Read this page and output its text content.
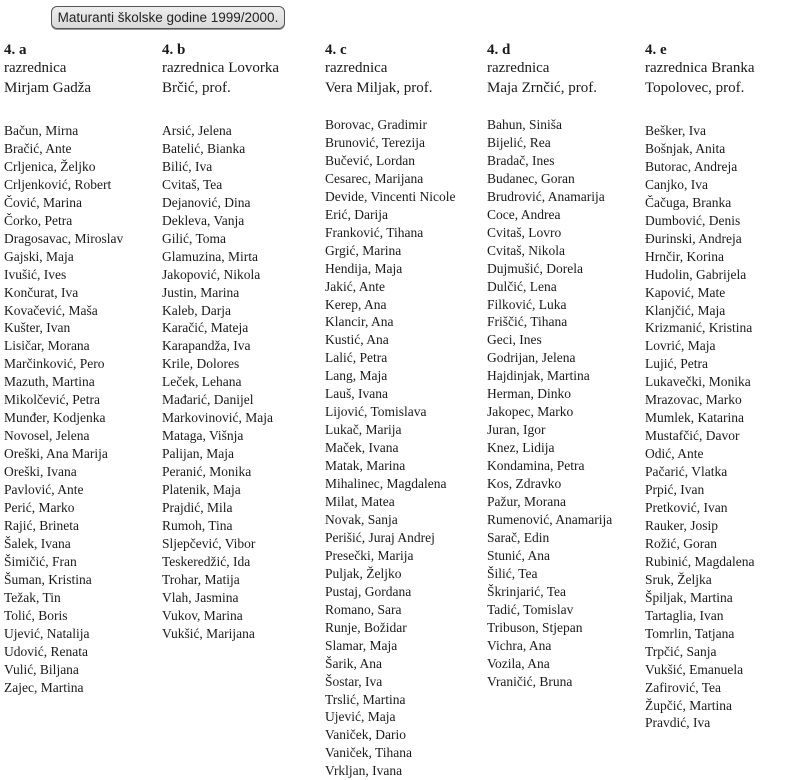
Maturanti školske godine 1999/2000.
4. a
razrednica
Mirjam Gadža
Bačun, Mirna
Bračić, Ante
Crljenica, Željko
Crljenković, Robert
Čović, Marina
Čorko, Petra
Dragosavac, Miroslav
Gajski, Maja
Ivušić, Ives
Končurat, Iva
Kovačević, Maša
Kušter, Ivan
Lisičar, Morana
Marčinković, Pero
Mazuth, Martina
Mikolčević, Petra
Munđer, Kodjenka
Novosel, Jelena
Oreški, Ana Marija
Oreški, Ivana
Pavlović, Ante
Perić, Marko
Rajić, Brineta
Šalek, Ivana
Šimičić, Fran
Šuman, Kristina
Težak, Tin
Tolić, Boris
Ujević, Natalija
Udović, Renata
Vulić, Biljana
Zajec, Martina
4. b
razrednica Lovorka
Brčić, prof.
Arsić, Jelena
Batelić, Bianka
Bilić, Iva
Cvitaš, Tea
Dejanović, Dina
Dekleva, Vanja
Gilić, Toma
Glamuzina, Mirta
Jakopović, Nikola
Justin, Marina
Kaleb, Darja
Karačić, Mateja
Karapandža, Iva
Krile, Dolores
Leček, Lehana
Mađarić, Danijel
Markovinović, Maja
Mataga, Višnja
Palijan, Maja
Peranić, Monika
Platenik, Maja
Prajdić, Mila
Rumoh, Tina
Sljepčević, Vibor
Teskeredžić, Ida
Trohar, Matija
Vlah, Jasmina
Vukov, Marina
Vukšić, Marijana
4. c
razrednica
Vera Miljak, prof.
Borovac, Gradimir
Brunović, Terezija
Bučević, Lordan
Cesarec, Marijana
Devide, Vincenti Nicole
Erić, Darija
Franković, Tihana
Grgić, Marina
Hendija, Maja
Jakić, Ante
Kerep, Ana
Klancir, Ana
Kustić, Ana
Lalić, Petra
Lang, Maja
Lauš, Ivana
Lijović, Tomislava
Lukač, Marija
Maček, Ivana
Matak, Marina
Mihalinec, Magdalena
Milat, Matea
Novak, Sanja
Perišić, Juraj Andrej
Presečki, Marija
Puljak, Željko
Pustaj, Gordana
Romano, Sara
Runje, Božidar
Slamar, Maja
Šarik, Ana
Šostar, Iva
Trslić, Martina
Ujević, Maja
Vaniček, Dario
Vaniček, Tihana
Vrkljan, Ivana
4. d
razrednica
Maja Zrnčić, prof.
Bahun, Siniša
Bijelić, Rea
Bradač, Ines
Budanec, Goran
Brudrović, Anamarija
Coce, Andrea
Cvitaš, Lovro
Cvitaš, Nikola
Dujmušić, Dorela
Dulčić, Lena
Filković, Luka
Friščić, Tihana
Geci, Ines
Godrijan, Jelena
Hajdinjak, Martina
Herman, Dinko
Jakopec, Marko
Juran, Igor
Knez, Lidija
Kondamina, Petra
Kos, Zdravko
Pažur, Morana
Rumenović, Anamarija
Sarač, Edin
Stunić, Ana
Šilić, Tea
Škrinjarić, Tea
Tadić, Tomislav
Tribuson, Stjepan
Vichra, Ana
Vozila, Ana
Vraničić, Bruna
4. e
razrednica Branka
Topolovec, prof.
Bešker, Iva
Bošnjak, Anita
Butorac, Andreja
Canjko, Iva
Čačuga, Branka
Dumbović, Denis
Đurinski, Andreja
Hrnčir, Korina
Hudolin, Gabrijela
Kapović, Mate
Klanjčić, Maja
Krizmanić, Kristina
Lovrić, Maja
Lujić, Petra
Lukavečki, Monika
Mrazovac, Marko
Mumlek, Katarina
Mustafčić, Davor
Odić, Ante
Pačarić, Vlatka
Prpić, Ivan
Pretković, Ivan
Rauker, Josip
Rožić, Goran
Rubinić, Magdalena
Sruk, Željka
Špiljak, Martina
Tartaglia, Ivan
Tomrlin, Tatjana
Trpčić, Sanja
Vukšić, Emanuela
Zafirović, Tea
Župčić, Martina
Pravdić, Iva
